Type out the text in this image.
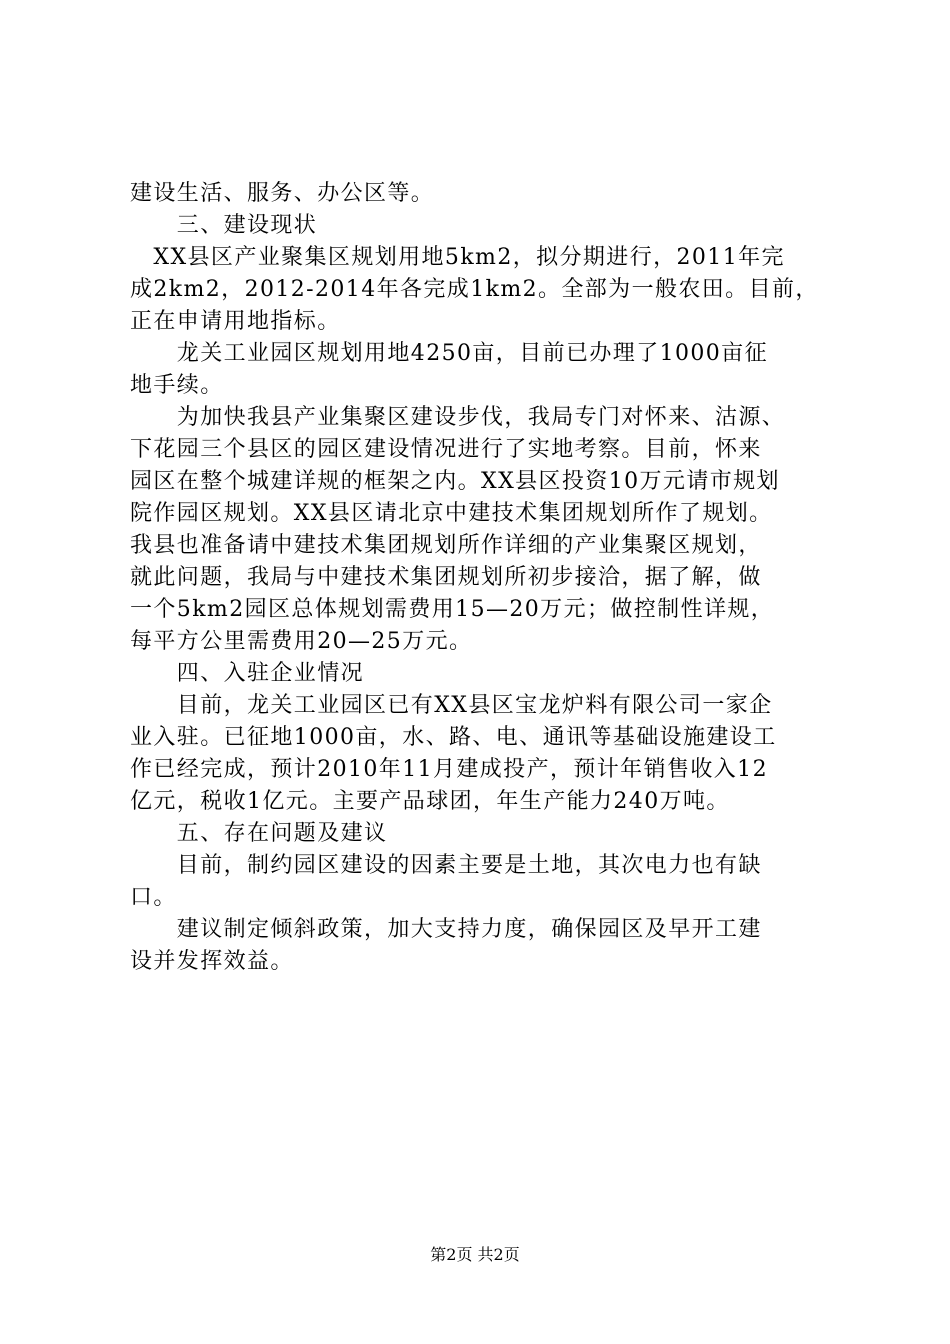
建设生活、服务、办公区等。
　　三、建设现状
　XX县区产业聚集区规划用地5km2，拟分期进行，2011年完
成2km2，2012-2014年各完成1km2。全部为一般农田。目前，
正在申请用地指标。
　　龙关工业园区规划用地4250亩，目前已办理了1000亩征
地手续。
　　为加快我县产业集聚区建设步伐，我局专门对怀来、沽源、
下花园三个县区的园区建设情况进行了实地考察。目前，怀来
园区在整个城建详规的框架之内。XX县区投资10万元请市规划
院作园区规划。XX县区请北京中建技术集团规划所作了规划。
我县也准备请中建技术集团规划所作详细的产业集聚区规划，
就此问题，我局与中建技术集团规划所初步接洽，据了解，做
一个5km2园区总体规划需费用15—20万元；做控制性详规，
每平方公里需费用20—25万元。
　　四、入驻企业情况
　　目前，龙关工业园区已有XX县区宝龙炉料有限公司一家企
业入驻。已征地1000亩，水、路、电、通讯等基础设施建设工
作已经完成，预计2010年11月建成投产，预计年销售收入12
亿元，税收1亿元。主要产品球团，年生产能力240万吨。
　　五、存在问题及建议
　　目前，制约园区建设的因素主要是土地，其次电力也有缺
口。
　　建议制定倾斜政策，加大支持力度，确保园区及早开工建
设并发挥效益。
第2页 共2页
